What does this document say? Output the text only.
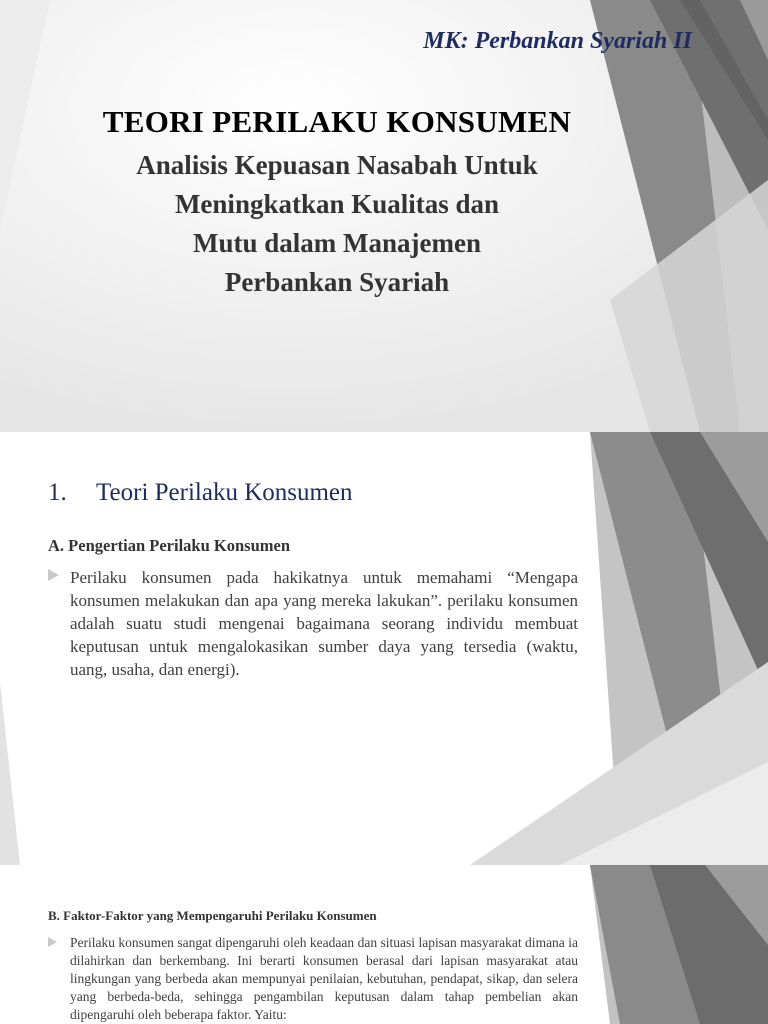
MK: Perbankan Syariah II
TEORI PERILAKU KONSUMEN
Analisis Kepuasan Nasabah Untuk
Meningkatkan Kualitas dan
Mutu dalam Manajemen
Perbankan Syariah
1. Teori Perilaku Konsumen
A. Pengertian Perilaku Konsumen
Perilaku konsumen pada hakikatnya untuk memahami “Mengapa konsumen melakukan dan apa yang mereka lakukan”. perilaku konsumen adalah suatu studi mengenai bagaimana seorang individu membuat keputusan untuk mengalokasikan sumber daya yang tersedia (waktu, uang, usaha, dan energi).
B. Faktor-Faktor yang Mempengaruhi Perilaku Konsumen
Perilaku konsumen sangat dipengaruhi oleh keadaan dan situasi lapisan masyarakat dimana ia dilahirkan dan berkembang. Ini berarti konsumen berasal dari lapisan masyarakat atau lingkungan yang berbeda akan mempunyai penilaian, kebutuhan, pendapat, sikap, dan selera yang berbeda-beda, sehingga pengambilan keputusan dalam tahap pembelian akan dipengaruhi oleh beberapa faktor. Yaitu:
